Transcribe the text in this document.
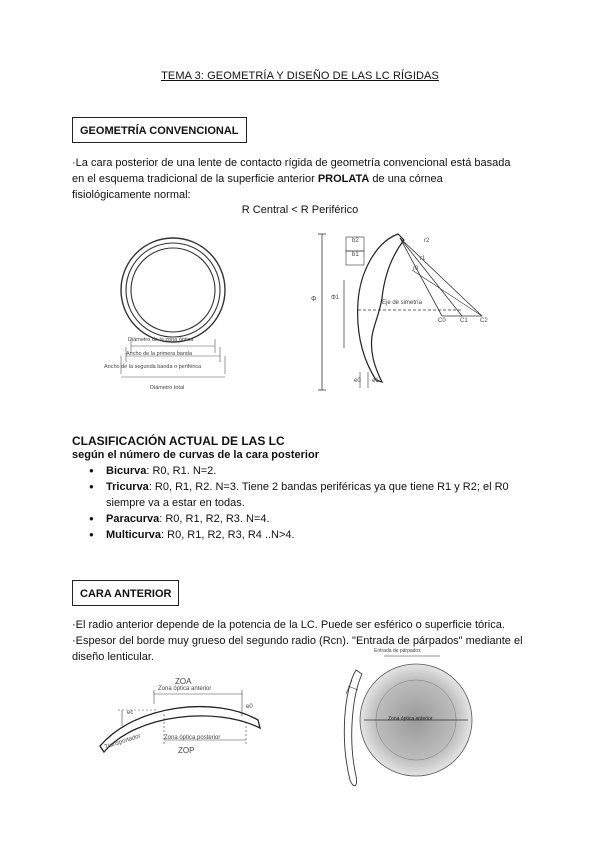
TEMA 3: GEOMETRÍA Y DISEÑO DE LAS LC RÍGIDAS
GEOMETRÍA CONVENCIONAL
·La cara posterior de una lente de contacto rígida de geometría convencional está basada
en el esquema tradicional de la superficie anterior PROLATA de una córnea
fisiológicamente normal:
R Central < R Periférico
Diámetro de la zona óptica
Ancho de la primera banda
Ancho de la segunda banda o periférica
Diámetro total
b2
b1
Φ Φ1
r2
r1
r0
Eje de simetría
C0 C1 C2
e0 e1
CLASIFICACIÓN ACTUAL DE LAS LC
según el número de curvas de la cara posterior
● Bicurva: R0, R1. N=2.
● Tricurva: R0, R1, R2. N=3. Tiene 2 bandas periféricas ya que tiene R1 y R2; el R0 siempre va a estar en todas.
● Paracurva: R0, R1, R2, R3. N=4.
● Multicurva: R0, R1, R2, R3, R4 ..N>4.
CARA ANTERIOR
·El radio anterior depende de la potencia de la LC. Puede ser esférico o superficie tórica.
·Espesor del borde muy grueso del segundo radio (Rcn). "Entrada de párpados" mediante el
diseño lenticular.
ZOA
Zona óptica anterior
Zona óptica posterior
ZOP
Transportador
ec
e0
Entrada de párpados
Zona óptica anterior
